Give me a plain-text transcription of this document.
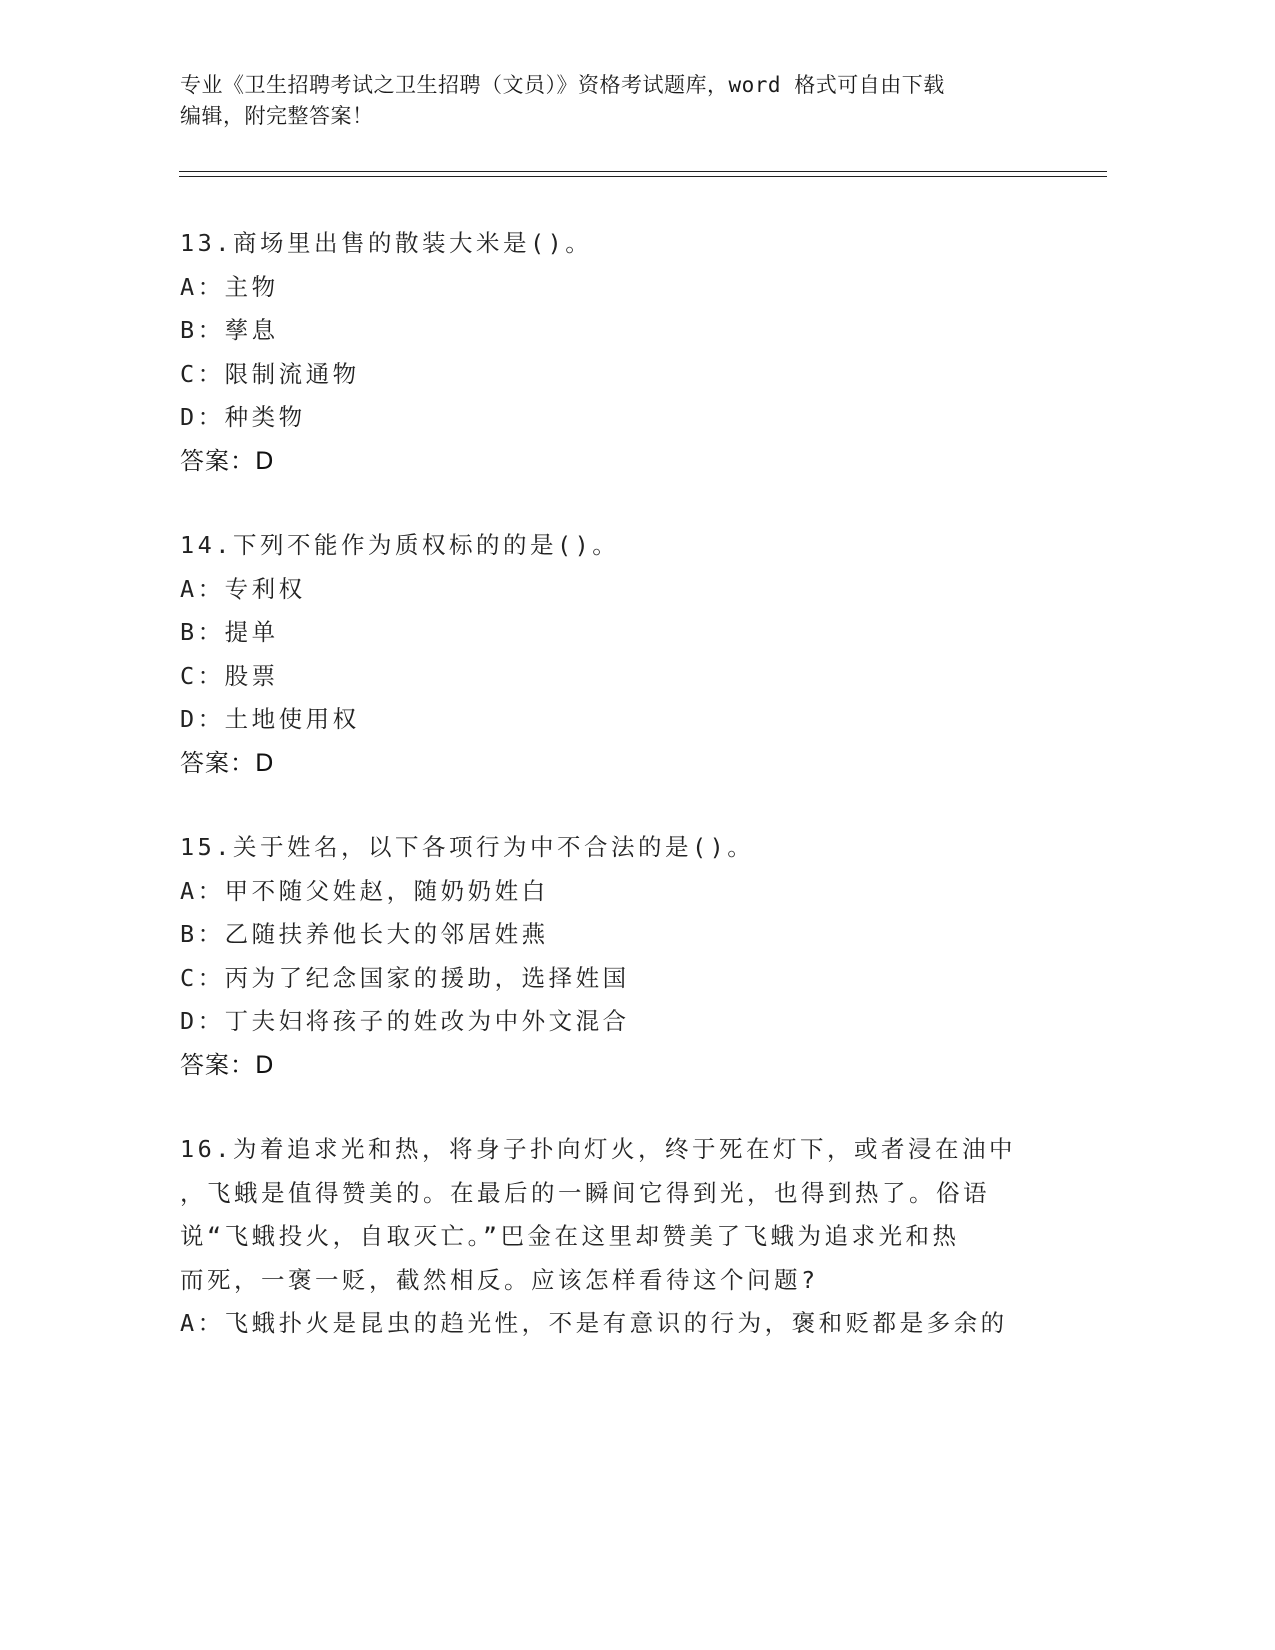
专业《卫生招聘考试之卫生招聘（文员）》资格考试题库，word 格式可自由下载
编辑，附完整答案！
13.商场里出售的散装大米是()。
A：主物
B：孳息
C：限制流通物
D：种类物
答案：D
14.下列不能作为质权标的的是()。
A：专利权
B：提单
C：股票
D：土地使用权
答案：D
15.关于姓名，以下各项行为中不合法的是()。
A：甲不随父姓赵，随奶奶姓白
B：乙随扶养他长大的邻居姓燕
C：丙为了纪念国家的援助，选择姓国
D：丁夫妇将孩子的姓改为中外文混合
答案：D
16.为着追求光和热，将身子扑向灯火，终于死在灯下，或者浸在油中
，飞蛾是值得赞美的。在最后的一瞬间它得到光，也得到热了。俗语
说“飞蛾投火，自取灭亡。”巴金在这里却赞美了飞蛾为追求光和热
而死，一褒一贬，截然相反。应该怎样看待这个问题?
A：飞蛾扑火是昆虫的趋光性，不是有意识的行为，褒和贬都是多余的
